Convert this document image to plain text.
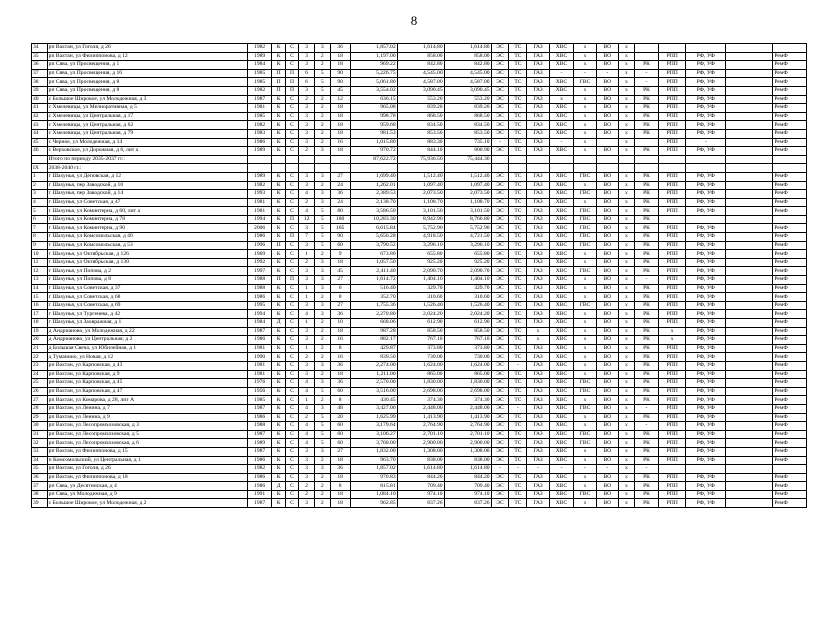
8
34	рп Вахтан, ул Гоголя, д 26	1982	К	С	3	3	36	1,857.02	1,614.80	1,614.80	ЭС	ТС	ГАЗ	ХВС	х	ВО	х					
35	рп Вахтан, ул Филиппонова, д 12	1989	К	С	3	2	18	1,197.00	858.00	858.00	ЭС	ТС	ГАЗ	ХВС	х	ВО	х		РПП	РФ, УФ		РемФ
36	рп Сява, ул Просвещения, д 1	1984	К	С	3	2	18	969.22	842.80	842.80	ЭС	ТС	ГАЗ	ХВС	х	ВО	х	РК	РПП	РФ, УФ		РемФ
37	рп Сява, ул Просвещения, д 16	1985	П	П	6	5	90	5,226.75	4,545.00	4,545.00	ЭС	ТС	ГАЗ	-	-	-	х	-	РПП	РФ, УФ		РемФ
38	рп Сява, ул Просвещения, д 8	1985	П	П	6	5	90	5,061.80	4,587.00	4,587.00	ЭС	ТС	ГАЗ	ХВС	ГВС	ВО	х	-	РПП	РФ, УФ		РемФ
39	рп Сява, ул Просвещения, д 8	1982	П	П	3	5	45	3,554.02	3,090.45	3,090.45	ЭС	ТС	ГАЗ	ХВС	х	ВО	х	РК	РПП	РФ, УФ		РемФ
40	с Большое Широкое, ул Молодежная, д 3	1987	К	С	2	2	12	636.15	553.20	553.20	ЭС	ТС	ГАЗ	х	х	ВО	х	РК	РПП	РФ, УФ		РемФ
41	с Хмелевицы, ул Мелиоративная, д 5	1981	К	С	3	2	18	965.08	839.20	839.20	ЭС	ТС	ГАЗ	ХВС	х	ВО	х	РК	РПП	РФ, УФ		РемФ
42	с Хмелевицы, ул Центральная, д 17	1985	К	С	3	2	18	998.78	868.50	868.50	ЭС	ТС	ГАЗ	ХВС	х	ВО	х	РК	РПП	РФ, УФ		РемФ
43	с Хмелевицы, ул Центральная, д 62	1982	К	С	3	2	18	959.68	834.50	834.50	ЭС	ТС	ГАЗ	ХВС	х	ВО	х	РК	РПП	РФ, УФ		РемФ
44	с Хмелевицы, ул Центральная, д 79	1983	К	С	3	2	18	981.53	853.50	853.50	ЭС	ТС	ГАЗ	ХВС	х	ВО	х	РК	РПП	РФ, УФ		РемФ
45	с Черное, ул Молодежная, д 14	1986	К	С	3	2	16	1,015.80	883.30	735.10	-	ТС	ГАЗ	-	х		х		РПП	-		РемФ
46	с Верховское, ул Дорожная, д 6, лит а	1989	К	С	2	3	18	970.72	844.10	800.90	ЭС	ТС	ГАЗ	ХВС	х	ВО	х	РК	РПП	РФ, УФ		РемФ
	Итого по периоду 2035-2037 гг.:							87,622.72	75,936.56	75,444.36												
IX	2038-2040 гг.:																					
1	г Шахунья, ул Деповская, д 12	1989	К	С	3	3	27	1,699.40	1,512.40	1,512.40	ЭС	ТС	ГАЗ	ХВС	ГВС	ВО	х	РК	РПП	РФ, УФ		РемФ
2	г Шахунья, пер Заводской, д 10	1982	К	С	3	2	24	1,262.01	1,097.40	1,097.40	ЭС	ТС	ГАЗ	ХВС	х	ВО	х	РК	РПП	РФ, УФ		РемФ
3	г Шахунья, пер Заводской, д 14	1993	К	С	4	3	36	2,389.53	2,073.50	2,073.50	ЭС	ТС	ГАЗ	ХВС	ГВС	ВО	х	РК	РПП	РФ, УФ		РемФ
4	г Шахунья, ул Советская, д 47	1981	К	С	2	3	24	2,138.70	1,108.70	1,108.70	ЭС	ТС	ГАЗ	ХВС	х	ВО	х	РК	РПП	РФ, УФ		РемФ
5	г Шахунья, ул Коминтерна, д 60, лит а	1981	К	С	4	5	80	3,586.50	3,101.50	3,101.50	ЭС	ТС	ГАЗ	ХВС	ГВС	ВО	х	РК	РПП	РФ, УФ		РемФ
6	г Шахунья, ул Коминтерна, д 78	1994	К	П	12	5	180	10,283.30	8,942.90	8,766.80	ЭС	ТС	ГАЗ	ХВС	ГВС	ВО	х	РК				
7	г Шахунья, ул Коминтерна, д 90	2006	К	С	3	5	105	6,615.84	5,752.90	5,752.90	ЭС	ТС	ГАЗ	ХВС	ГВС	ВО	х	РК	РПП	РФ, УФ		РемФ
8	г Шахунья, ул Комсомольская, д 40	1986	К	П	7	5	90	5,656.28	4,918.50	4,721.50	ЭС	ТС	ГАЗ	ХВС	ГВС	ВО	х	РК	РПП	РФ, УФ		РемФ
9	г Шахунья, ул Комсомольская, д 53	1996	П	С	3	5	60	3,790.52	3,296.10	3,296.10	ЭС	ТС	ГАЗ	ХВС	ГВС	ВО	х	РК	РПП	РФ, УФ		РемФ
10	г Шахунья, ул Октябрьская, д 126	1969	К	С	1	2	9	673.80	655.80	655.80	ЭС	ТС	ГАЗ	ХВС	х	ВО	х	РК	РПП	РФ, УФ		РемФ
11	г Шахунья, ул Октябрьская, д 130	1992	К	С	2	3	18	1,057.50	925.20	925.20	ЭС	ТС	ГАЗ	ХВС	х	ВО	х	РК	РПП	РФ, УФ		РемФ
12	г Шахунья, ул Попова, д 2	1997	К	С	3	3	45	2,411.40	2,090.70	2,090.70	ЭС	ТС	ГАЗ	ХВС	ГВС	ВО	х	РК	РПП	РФ, УФ		РемФ
13	г Шахунья, ул Попова, д 8	1988	П	П	3	3	27	1,614.72	1,404.10	1,404.10	ЭС	ТС	ГАЗ	ХВС	х	ВО	х	-	РПП	РФ, УФ		РемФ
14	г Шахунья, ул Советская, д 37	1988	К	С	1	3	6	516.40	329.70	329.70	ЭС	ТС	ГАЗ	ХВС	х	ВО	х	РК	РПП	РФ, УФ		РемФ
15	г Шахунья, ул Советская, д 68	1986	К	С	1	2	8	352.70	310.60	310.60	ЭС	ТС	ГАЗ	ХВС	х	ВО	х	РК	РПП	РФ, УФ		РемФ
16	г Шахунья, ул Советская, д 69	1995	К	С	3	3	27	1,755.36	1,526.40	1,526.40	ЭС	ТС	ГАЗ	ХВС	ГВС	ВО	х	РК	РПП	РФ, УФ		РемФ
17	г Шахунья, ул Тургенева, д 42	1994	К	С	4	3	36	2,270.80	2,024.20	2,024.20	ЭС	ТС	ГАЗ	ХВС	х	ВО	х	РК	РПП	РФ, УФ		РемФ
18	г Шахунья, ул Заовражная, д 1	1984	Д	С	1	2	10	668.06	612.90	612.90	ЭС	ТС	ГАЗ	ХВС	х	ВО	х	РК	РПП	РФ, УФ		РемФ
19	д Андрианово, ул Молодежная, д 22	1987	К	С	3	2	18	987.28	858.50	858.50	ЭС	ТС	х	ХВС	х	ВО	х	РК	х	РФ, УФ		РемФ
20	д Андрианово, ул Центральная, д 2	1986	К	С	3	2	16	882.17	767.10	767.10	ЭС	ТС	х	ХВС	х	ВО	х	РК	х	РФ, УФ		РемФ
21	д Большая Свеча, ул Юбилейная, д 1	1981	К	С	1	2	8	429.87	373.80	373.80	ЭС	ТС	ГАЗ	ХВС	х	ВО	х	РК	РПП	РФ, УФ		РемФ
22	д Туманино, ул Новая, д 12	1990	К	С	2	2	16	839.50	730.00	730.00	ЭС	ТС	ГАЗ	ХВС	х	ВО	х	РК	РПП	РФ, УФ		РемФ
23	рп Вахтан, ул Карповская, д 43	1981	К	С	3	3	36	2,274.00	1,624.00	1,624.00	ЭС	-	ГАЗ	ХВС	х	ВО	х	РК	РПП	РФ, УФ		РемФ
24	рп Вахтан, ул Карповская, д 9	1981	К	С	3	2	18	1,211.00	865.00	865.00	ЭС	ТС	ГАЗ	ХВС	х	ВО	х	РК	РПП	РФ, УФ		РемФ
25	рп Вахтан, ул Карповская, д 45	1976	К	С	4	3	36	2,570.00	1,830.00	1,830.00	ЭС	ТС	ГАЗ	ХВС	ГВС	ВО	х	РК	РПП	РФ, УФ		РемФ
26	рп Вахтан, ул Карповская, д 47	1956	К	С	4	5	60	3,516.00	2,698.00	2,698.00	ЭС	ТС	ГАЗ	ХВС	ГВС	ВО	х	РК	РПП	РФ, УФ		РемФ
27	рп Вахтан, ул Комарова, д 28, лит А	1985	К	С	1	2	8	430.45	374.30	374.30	ЭС	ТС	ГАЗ	ХВС	х	ВО	х	РК	РПП	РФ, УФ		РемФ
28	рп Вахтан, ул Ленина, д 7	1987	К	С	4	3	48	3,427.00	2,448.00	2,448.00	ЭС	-	ГАЗ	ХВС	ГВС	ВО	х	-	РПП	РФ, УФ		РемФ
29	рп Вахтан, ул Ленина, д 9	1986	К	С	2	5	20	1,625.99	1,413.90	1,413.90	ЭС	ТС	ГАЗ	ХВС	х	ВО	х	РК	РПП	РФ, УФ		РемФ
30	рп Вахтан, ул Лесопромхозовская, д 3	1988	К	С	4	5	60	3,179.64	2,764.90	2,764.90	ЭС	ТС	ГАЗ	ХВС	х	ВО	х	-	РПП	РФ, УФ		РемФ
31	рп Вахтан, ул Лесопромхозовская, д 5	1987	К	С	4	5	60	3,106.27	2,701.10	2,701.10	ЭС	ТС	ГАЗ	ХВС	ГВС	ВО	х	РК	РПП	РФ, УФ		РемФ
32	рп Вахтан, ул Лесопромхозовская, д 6	1989	К	С	4	5	60	3,768.00	2,900.00	2,900.00	ЭС	ТС	ГАЗ	ХВС	ГВС	ВО	х	РК	РПП	РФ, УФ		РемФ
33	рп Вахтан, ул Филиппонова, д 15	1987	К	С	3	3	27	1,832.00	1,308.00	1,308.00	ЭС	ТС	ГАЗ	ХВС	х	ВО	х	РК	РПП	РФ, УФ		РемФ
34	п Комсомольский, ул Центральная, д 1	1986	К	С	3	2	18	963.70	838.00	838.00	ЭС	ТС	ГАЗ	ХВС	х	ВО	х	РК	РПП	РФ, УФ		РемФ
35	рп Вахтан, ул Гоголя, д 26	1982	К	С	3	3	36	1,857.02	1,614.80	1,614.80	-	-	-	-	-	-	х	-				
36	рп Вахтан, ул Филиппонова, д 18	1986	К	С	3	2	18	970.83	844.20	844.20	ЭС	ТС	ГАЗ	ХВС	х	ВО	х	РК	РПП	РФ, УФ		РемФ
37	рп Сява, ул Десятинская, д 4	1986	Д	С	2	2	8	815.81	709.40	709.40	ЭС	ТС	ГАЗ	ХВС	х	ВО	х	РК	РПП	РФ, УФ		РемФ
38	рп Сява, ул Молодежная, д 9	1991	К	С	2	2	18	1,084.10	974.10	974.10	ЭС	ТС	ГАЗ	ХВС	ГВС	ВО	х	РК	РПП	РФ, УФ		РемФ
39	с Большое Широкое, ул Молодежная, д 2	1987	К	С	3	2	18	962.85	837.26	837.26	ЭС	ТС	ГАЗ	ХВС	х	ВО	х	РК	РПП	РФ, УФ		РемФ
